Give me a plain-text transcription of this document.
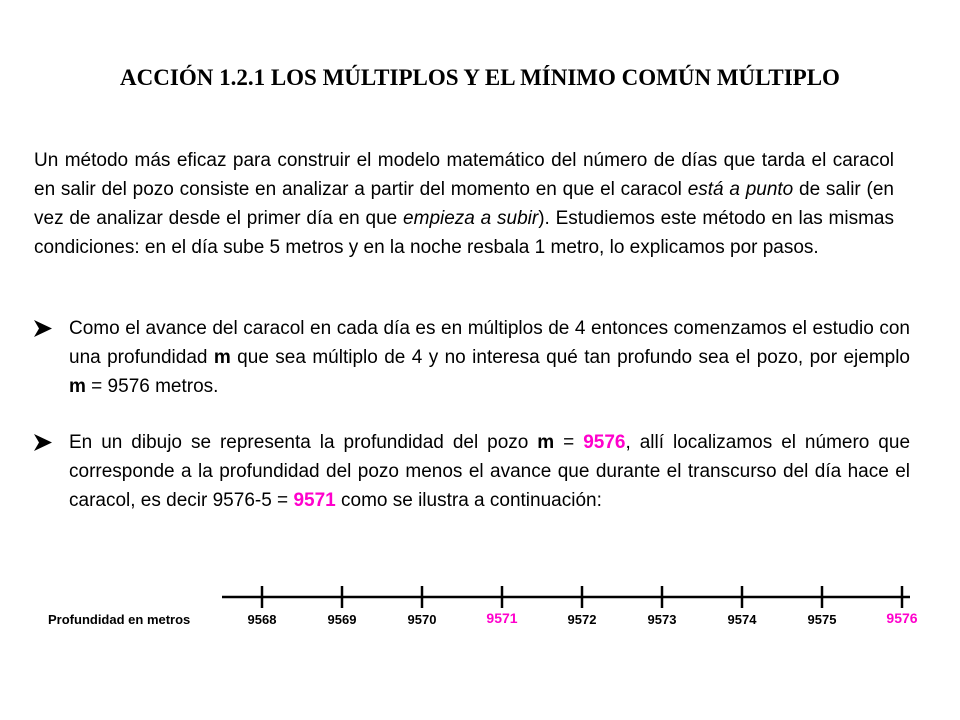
ACCIÓN 1.2.1 LOS MÚLTIPLOS Y EL MÍNIMO COMÚN MÚLTIPLO
Un método más eficaz para construir el modelo matemático del número de días que tarda el caracol en salir del pozo consiste en analizar a partir del momento en que el caracol está a punto de salir (en vez de analizar desde el primer día en que empieza a subir). Estudiemos este método en las mismas condiciones: en el día sube 5 metros y en la noche resbala 1 metro, lo explicamos por pasos.
Como el avance del caracol en cada día es en múltiplos de 4 entonces comenzamos el estudio con una profundidad m que sea múltiplo de 4 y no interesa qué tan profundo sea el pozo, por ejemplo m = 9576 metros.
En un dibujo se representa la profundidad del pozo m = 9576, allí localizamos el número que corresponde a la profundidad del pozo menos el avance que durante el transcurso del día hace el caracol, es decir 9576-5 = 9571 como se ilustra a continuación:
Profundidad en metros	9568	9569	9570	9571	9572	9573	9574	9575	9576
